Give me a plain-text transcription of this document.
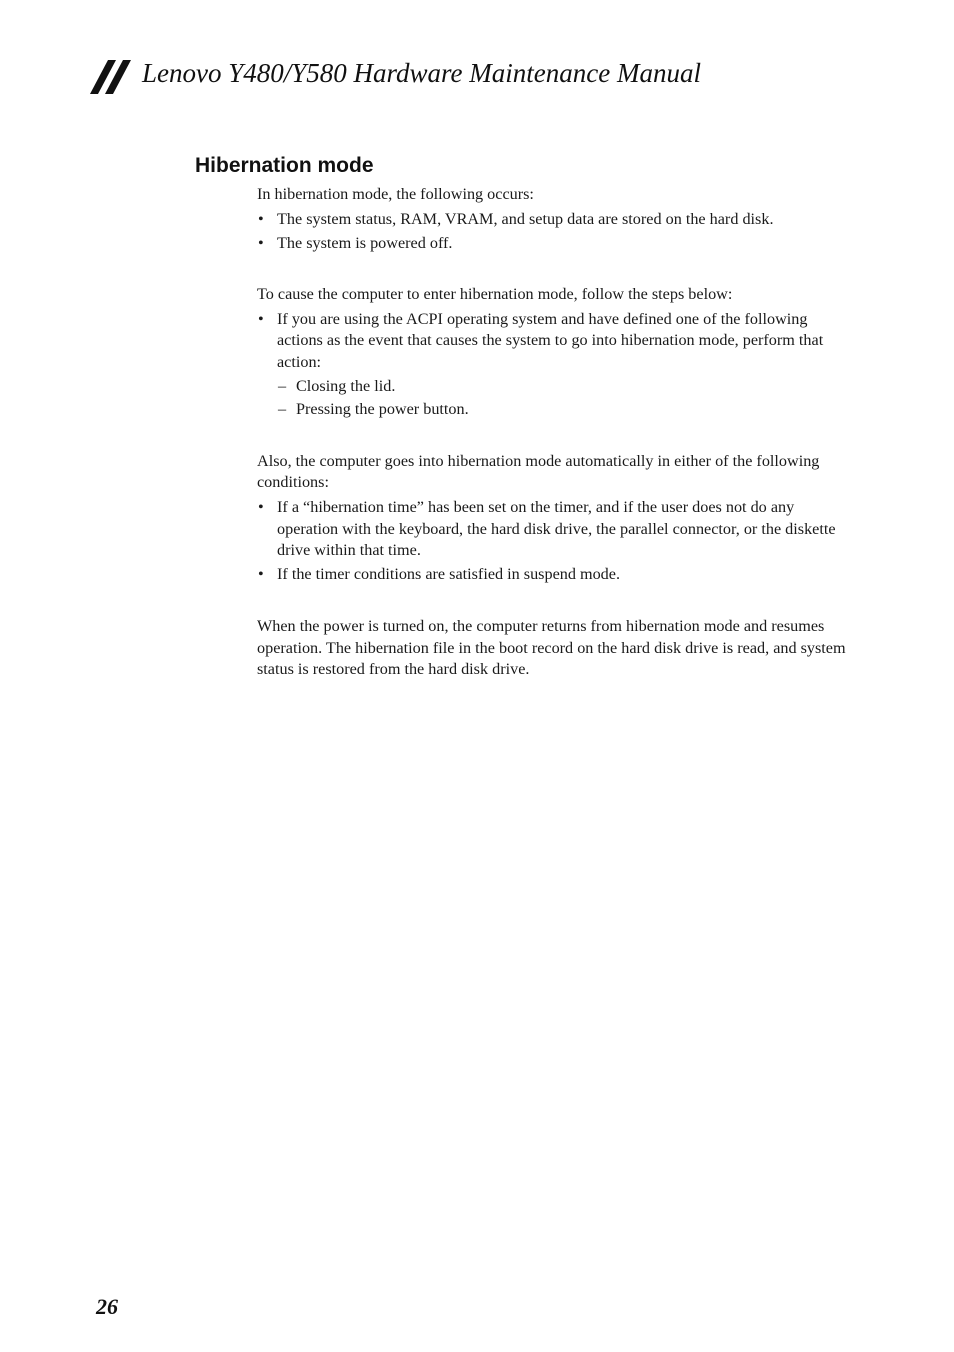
Lenovo Y480/Y580 Hardware Maintenance Manual
Hibernation mode

In hibernation mode, the following occurs:

• The system status, RAM, VRAM, and setup data are stored on the hard disk.
• The system is powered off.

To cause the computer to enter hibernation mode, follow the steps below:

• If you are using the ACPI operating system and have defined one of the following actions as the event that causes the system to go into hibernation mode, perform that action:
– Closing the lid.
– Pressing the power button.

Also, the computer goes into hibernation mode automatically in either of the following conditions:

• If a “hibernation time” has been set on the timer, and if the user does not do any operation with the keyboard, the hard disk drive, the parallel connector, or the diskette drive within that time.
• If the timer conditions are satisfied in suspend mode.

When the power is turned on, the computer returns from hibernation mode and resumes operation. The hibernation file in the boot record on the hard disk drive is read, and system status is restored from the hard disk drive.

26
